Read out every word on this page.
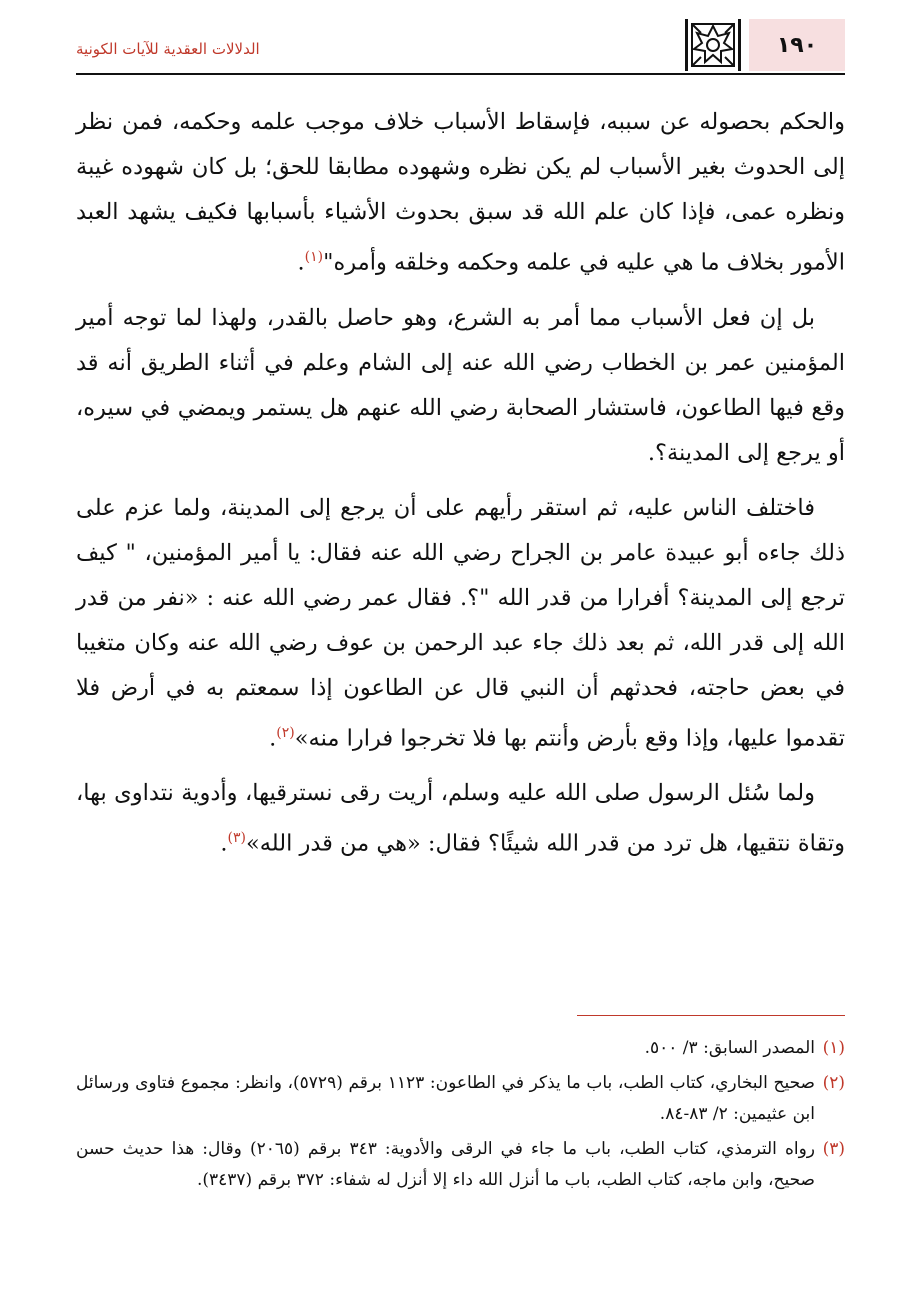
١٩٠
الدلالات العقدية للآيات الكونية

والحكم بحصوله عن سببه، فإسقاط الأسباب خلاف موجب علمه وحكمه، فمن نظر إلى الحدوث بغير الأسباب لم يكن نظره وشهوده مطابقا للحق؛ بل كان شهوده غيبة ونظره عمى، فإذا كان علم الله قد سبق بحدوث الأشياء بأسبابها فكيف يشهد العبد الأمور بخلاف ما هي عليه في علمه وحكمه وخلقه وأمره"$^{(١)}$.

بل إن فعل الأسباب مما أمر به الشرع، وهو حاصل بالقدر، ولهذا لما توجه أمير المؤمنين عمر بن الخطاب رضي الله عنه إلى الشام وعلم في أثناء الطريق أنه قد وقع فيها الطاعون، فاستشار الصحابة رضي الله عنهم هل يستمر ويمضي في سيره، أو يرجع إلى المدينة؟.

فاختلف الناس عليه، ثم استقر رأيهم على أن يرجع إلى المدينة، ولما عزم على ذلك جاءه أبو عبيدة عامر بن الجراح رضي الله عنه فقال: يا أمير المؤمنين، " كيف ترجع إلى المدينة؟ أفرارا من قدر الله "؟. فقال عمر رضي الله عنه : «نفر من قدر الله إلى قدر الله، ثم بعد ذلك جاء عبد الرحمن بن عوف رضي الله عنه وكان متغيبا في بعض حاجته، فحدثهم أن النبي قال عن الطاعون إذا سمعتم به في أرض فلا تقدموا عليها، وإذا وقع بأرض وأنتم بها فلا تخرجوا فرارا منه»$^{(٢)}$.

ولما سُئل الرسول صلى الله عليه وسلم، أريت رقى نسترقيها، وأدوية نتداوى بها، وتقاة نتقيها، هل ترد من قدر الله شيئًا؟ فقال: «هي من قدر الله»$^{(٣)}$.

(١)
المصدر السابق: ٣/ ٥٠٠.
(٢)
صحيح البخاري، كتاب الطب، باب ما يذكر في الطاعون: ١١٢٣ برقم (٥٧٢٩)، وانظر: مجموع فتاوى ورسائل ابن عثيمين: ٢/ ٨٣-٨٤.
(٣)
رواه الترمذي، كتاب الطب، باب ما جاء في الرقى والأدوية: ٣٤٣ برقم (٢٠٦٥) وقال: هذا حديث حسن صحيح، وابن ماجه، كتاب الطب، باب ما أنزل الله داء إلا أنزل له شفاء: ٣٧٢ برقم (٣٤٣٧).
